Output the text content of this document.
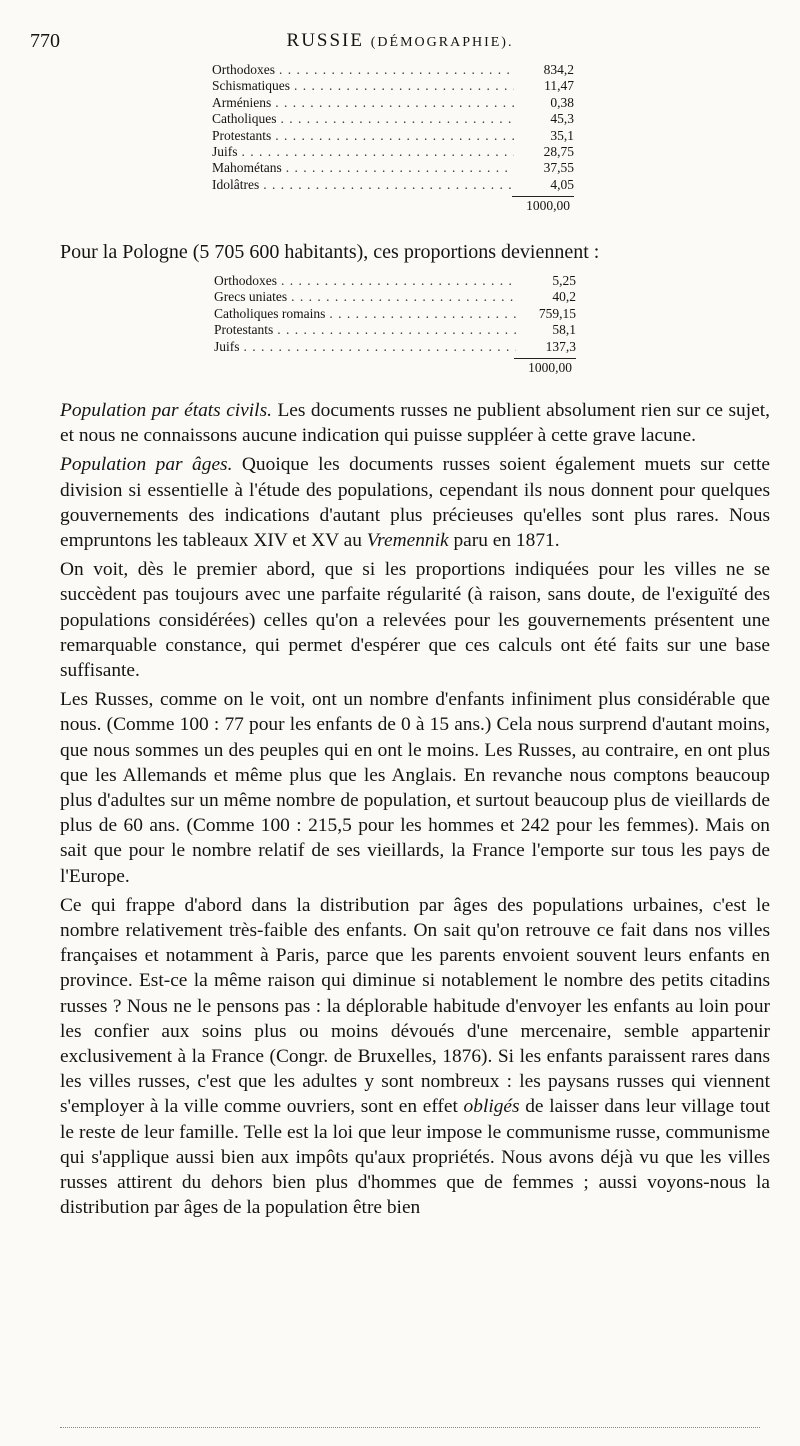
770	RUSSIE (DÉMOGRAPHIE).
Orthodoxes . . .	834,2
Schismatiques . . .	11,47
Arméniens . . .	0,38
Catholiques . . .	45,3
Protestants . . .	35,1
Juifs . . .	28,75
Mahométans . . .	37,55
Idolâtres . . .	4,05
1000,00
Pour la Pologne (5 705 600 habitants), ces proportions deviennent :
Orthodoxes . . .	5,25
Grecs uniates . . .	40,2
Catholiques romains . . .	759,15
Protestants . . .	58,1
Juifs . . .	137,3
1000,00

Population par états civils. Les documents russes ne publient absolument rien sur ce sujet, et nous ne connaissons aucune indication qui puisse suppléer à cette grave lacune.

Population par âges. Quoique les documents russes soient également muets sur cette division si essentielle à l'étude des populations, cependant ils nous donnent pour quelques gouvernements des indications d'autant plus précieuses qu'elles sont plus rares. Nous empruntons les tableaux XIV et XV au Vremennik paru en 1871.

On voit, dès le premier abord, que si les proportions indiquées pour les villes ne se succèdent pas toujours avec une parfaite régularité (à raison, sans doute, de l'exiguïté des populations considérées) celles qu'on a relevées pour les gouvernements présentent une remarquable constance, qui permet d'espérer que ces calculs ont été faits sur une base suffisante.

Les Russes, comme on le voit, ont un nombre d'enfants infiniment plus considérable que nous. (Comme 100 : 77 pour les enfants de 0 à 15 ans.) Cela nous surprend d'autant moins, que nous sommes un des peuples qui en ont le moins. Les Russes, au contraire, en ont plus que les Allemands et même plus que les Anglais. En revanche nous comptons beaucoup plus d'adultes sur un même nombre de population, et surtout beaucoup plus de vieillards de plus de 60 ans. (Comme 100 : 215,5 pour les hommes et 242 pour les femmes). Mais on sait que pour le nombre relatif de ses vieillards, la France l'emporte sur tous les pays de l'Europe.

Ce qui frappe d'abord dans la distribution par âges des populations urbaines, c'est le nombre relativement très-faible des enfants. On sait qu'on retrouve ce fait dans nos villes françaises et notamment à Paris, parce que les parents envoient souvent leurs enfants en province. Est-ce la même raison qui diminue si notablement le nombre des petits citadins russes ? Nous ne le pensons pas : la déplorable habitude d'envoyer les enfants au loin pour les confier aux soins plus ou moins dévoués d'une mercenaire, semble appartenir exclusivement à la France (Congr. de Bruxelles, 1876). Si les enfants paraissent rares dans les villes russes, c'est que les adultes y sont nombreux : les paysans russes qui viennent s'employer à la ville comme ouvriers, sont en effet obligés de laisser dans leur village tout le reste de leur famille. Telle est la loi que leur impose le communisme russe, communisme qui s'applique aussi bien aux impôts qu'aux propriétés. Nous avons déjà vu que les villes russes attirent du dehors bien plus d'hommes que de femmes ; aussi voyons-nous la distribution par âges de la population être bien
